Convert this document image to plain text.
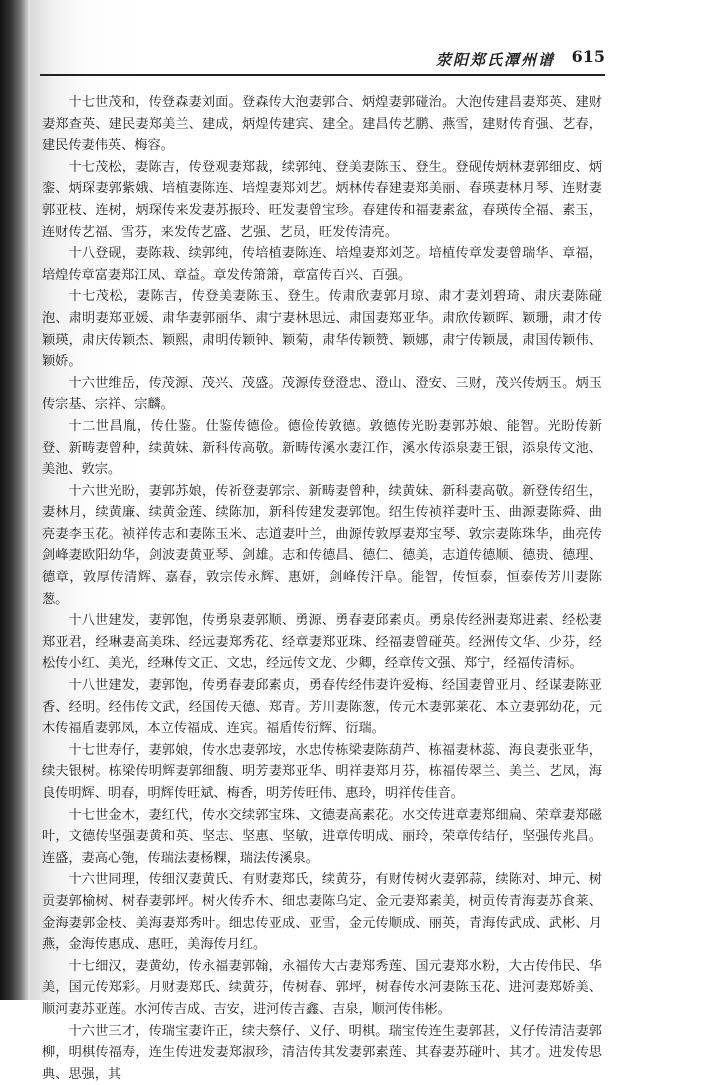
荥阳郑氏潭州谱 615

十七世茂和，传登森妻刘面。登森传大泡妻郭合、炳煌妻郭碰治。大泡传建昌妻郑英、建财妻郑查英、建民妻郑美兰、建成，炳煌传建宾、建全。建昌传艺鹏、燕雪，建财传育强、艺春，建民传妻伟英、梅容。

十七茂松，妻陈吉，传登观妻郑裁，续郭纯、登美妻陈玉、登生。登砚传炳林妻郭细皮、炳銮、炳琛妻郭紫娥、培植妻陈连、培煌妻郑刘艺。炳林传春建妻郑美丽、春瑛妻林月琴、连财妻郭亚枝、连树，炳琛传来发妻苏振玲、旺发妻曾宝珍。春建传和福妻素盆，春瑛传全福、素玉，连财传艺福、雪芬，来发传艺盛、艺强、艺员，旺发传清亮。

十八登砚，妻陈栽、续郭纯，传培植妻陈连、培煌妻郑刘芝。培植传章发妻曾瑞华、章福，培煌传章富妻郑江凤、章益。章发传箫箫，章富传百兴、百强。

十七茂松，妻陈吉，传登美妻陈玉、登生。传肃欣妻郭月琼、肃才妻刘碧琦、肃庆妻陈碰泡、肃明妻郑亚媛、肃华妻郭丽华、肃宁妻林思远、肃国妻郑亚华。肃欣传颖晖、颖珊，肃才传颖瑛，肃庆传颖杰、颖熙，肃明传颖钟、颖菊，肃华传颖赞、颖娜，肃宁传颖晟，肃国传颖伟、颖娇。

十六世维岳，传茂源、茂兴、茂盛。茂源传登澄忠、澄山、澄安、三财，茂兴传炳玉。炳玉传宗基、宗祥、宗麟。

十二世昌胤，传仕鉴。仕鉴传德俭。德俭传敦德。敦德传光盼妻郭苏娘、能智。光盼传新登、新畴妻曾种，续黄妹、新科传高敬。新畴传溪水妻江作，溪水传添泉妻王银，添泉传文池、美池、敦宗。

十六世光盼，妻郭苏娘，传祈登妻郭宗、新畴妻曾种，续黄妹、新科妻高敬。新登传绍生，妻林月，续黄廉、续黄金莲、续陈加，新科传建发妻郭饱。绍生传祯祥妻叶玉、曲源妻陈舜、曲亮妻李玉花。祯祥传志和妻陈玉米、志道妻叶兰，曲源传敦厚妻郑宝琴、敦宗妻陈珠华，曲亮传剑峰妻欧阳幼华，剑波妻黄亚琴、剑雄。志和传德昌、德仁、德美，志道传德顺、德贵、德理、德章，敦厚传清辉、嘉春，敦宗传永辉、惠妍，剑峰传汗阜。能智，传恒泰，恒泰传芳川妻陈葱。

十八世建发，妻郭饱，传勇泉妻郭顺、勇源、勇春妻邱素贞。勇泉传经洲妻郑进素、经松妻郑亚君，经琳妻高美珠、经远妻郑秀花、经章妻郑亚珠、经福妻曾碰英。经洲传文华、少芬，经松传小红、美光，经琳传文正、文忠，经远传文龙、少卿，经章传文强、郑宁，经福传清标。

十八世建发，妻郭饱，传勇春妻邱素贞，勇春传经伟妻许爱梅、经国妻曾亚月、经谋妻陈亚香、经明。经伟传文武，经国传天德、郑青。芳川妻陈葱，传元木妻郭莱花、本立妻郭幼花，元木传福盾妻郭凤，本立传福成、连宾。福盾传衍辉、衍瑞。

十七世寿仔，妻郭娘，传水忠妻郭垵，水忠传栋梁妻陈葫芦、栋福妻林蕊、海良妻张亚华，续夫银树。栋梁传明辉妻郭细馥、明芳妻郑亚华、明祥妻郑月芬，栋福传翠兰、美兰、艺凤，海良传明辉、明春，明辉传旺斌、梅香，明芳传旺伟、惠玲，明祥传佳音。

十七世金木，妻红代，传水交续郭宝珠、文德妻高素花。水交传进章妻郑细扁、荣章妻郑磁叶，文德传坚强妻黄和英、坚志、坚惠、坚敏，进章传明成、丽玲，荣章传结仔，坚强传兆昌。连盛，妻高心匏，传瑞法妻杨粿，瑞法传溪泉。

十六世同理，传细汉妻黄氏、有财妻郑氏，续黄芬，有财传树火妻郭蒜，续陈对、坤元、树贡妻郭榆树、树春妻郭坪。树火传乔木、细忠妻陈乌定、金元妻郑素美，树贡传青海妻苏食莱、金海妻郭金枝、美海妻郑秀叶。细忠传亚成、亚雪，金元传顺成、丽英，青海传武成、武彬、月燕，金海传惠成、惠旺，美海传月红。

十七细汉，妻黄幼，传永福妻郭翰，永福传大古妻郑秀莲、国元妻郑水粉，大古传伟民、华美，国元传郑彩。月财妻郑氏、续黄芬，传树春、郭坪，树春传水河妻陈玉花、进河妻郑娇美、顺河妻苏亚莲。水河传吉成、吉安，进河传吉鑫、吉泉，顺河传伟彬。

十六世三才，传瑞宝妻许正，续夫蔡仔、义仔、明棋。瑞宝传连生妻郭甚，义仔传清洁妻郭柳，明棋传福寿，连生传进发妻郑淑珍，清洁传其发妻郭素莲、其春妻苏碰叶、其才。进发传思典、思强，其
